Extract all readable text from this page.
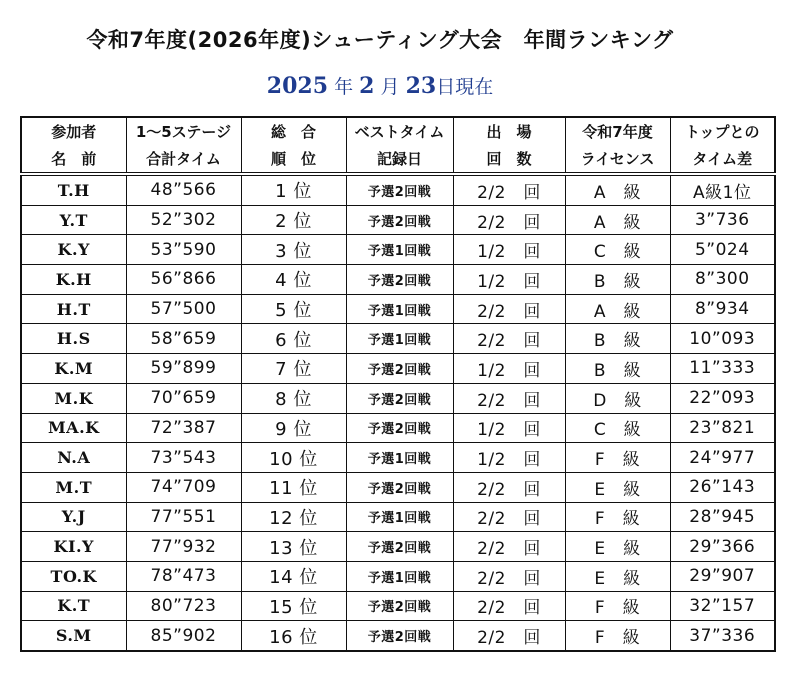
令和7年度(2026年度)シューティング大会　年間ランキング
2025 年 2 月 23日現在
参加者	1～5ステージ	総　合	ベストタイム	出　場	令和7年度	トップとの
名　前	合計タイム	順　位	記録日	回　数	ライセンス	タイム差
T.H	48”566	1 位	予選2回戦	2/2　回	A　級	A級1位
Y.T	52”302	2 位	予選2回戦	2/2　回	A　級	3”736
K.Y	53”590	3 位	予選1回戦	1/2　回	C　級	5”024
K.H	56”866	4 位	予選2回戦	1/2　回	B　級	8”300
H.T	57”500	5 位	予選1回戦	2/2　回	A　級	8”934
H.S	58”659	6 位	予選1回戦	2/2　回	B　級	10”093
K.M	59”899	7 位	予選2回戦	1/2　回	B　級	11”333
M.K	70”659	8 位	予選2回戦	2/2　回	D　級	22”093
MA.K	72”387	9 位	予選2回戦	1/2　回	C　級	23”821
N.A	73”543	10 位	予選1回戦	1/2　回	F　級	24”977
M.T	74”709	11 位	予選2回戦	2/2　回	E　級	26”143
Y.J	77”551	12 位	予選1回戦	2/2　回	F　級	28”945
KI.Y	77”932	13 位	予選2回戦	2/2　回	E　級	29”366
TO.K	78”473	14 位	予選1回戦	2/2　回	E　級	29”907
K.T	80”723	15 位	予選2回戦	2/2　回	F　級	32”157
S.M	85”902	16 位	予選2回戦	2/2　回	F　級	37”336
